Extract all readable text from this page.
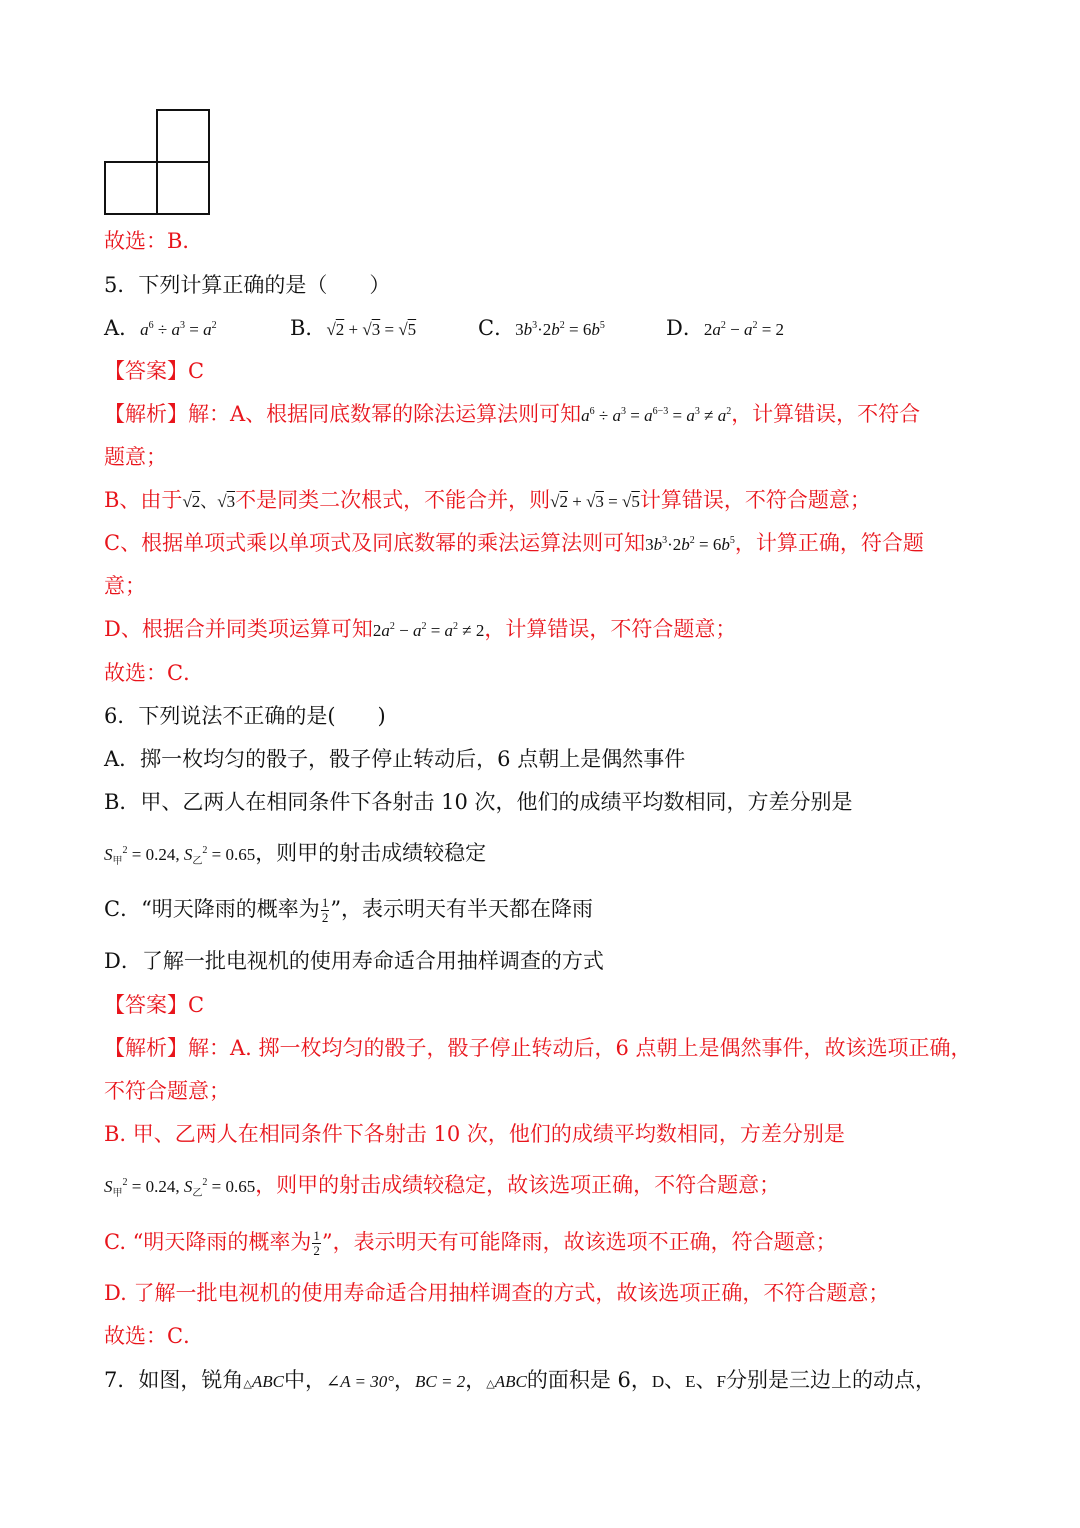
故选：B．
5．下列计算正确的是（　　）
A．$a^6 \div a^3 = a^2$	B．√2 + √3 = √5	C．$3b^3\cdot 2b^2 = 6b^5$	D．$2a^2 - a^2 = 2$
【答案】C
【解析】解：A、根据同底数幂的除法运算法则可知$a^6 \div a^3 = a^{6-3} = a^3 \ne a^2$，计算错误，不符合
题意；
B、由于√2、√3不是同类二次根式，不能合并，则√2 + √3 = √5计算错误，不符合题意；
C、根据单项式乘以单项式及同底数幂的乘法运算法则可知$3b^3\cdot 2b^2 = 6b^5$，计算正确，符合题
意；
D、根据合并同类项运算可知$2a^2 - a^2 = a^2 \ne 2$，计算错误，不符合题意；
故选：C．
6．下列说法不正确的是(　　)
A．掷一枚均匀的骰子，骰子停止转动后，6 点朝上是偶然事件
B．甲、乙两人在相同条件下各射击 10 次，他们的成绩平均数相同，方差分别是
$S_甲^2 = 0.24$, $S_乙^2 = 0.65$，则甲的射击成绩较稳定
C．“明天降雨的概率为 $\frac{1}{2}$ ”，表示明天有半天都在降雨
D．了解一批电视机的使用寿命适合用抽样调查的方式
【答案】C
【解析】解：A. 掷一枚均匀的骰子，骰子停止转动后，6 点朝上是偶然事件，故该选项正确，
不符合题意；
B. 甲、乙两人在相同条件下各射击 10 次，他们的成绩平均数相同，方差分别是
$S_甲^2 = 0.24$, $S_乙^2 = 0.65$，则甲的射击成绩较稳定，故该选项正确，不符合题意；
C. “明天降雨的概率为 $\frac{1}{2}$ ”，表示明天有可能降雨，故该选项不正确，符合题意；
D. 了解一批电视机的使用寿命适合用抽样调查的方式，故该选项正确，不符合题意；
故选：C．
7．如图，锐角△ABC中，∠A = 30°，BC = 2，△ABC的面积是 6，D、E、F分别是三边上的动点，
